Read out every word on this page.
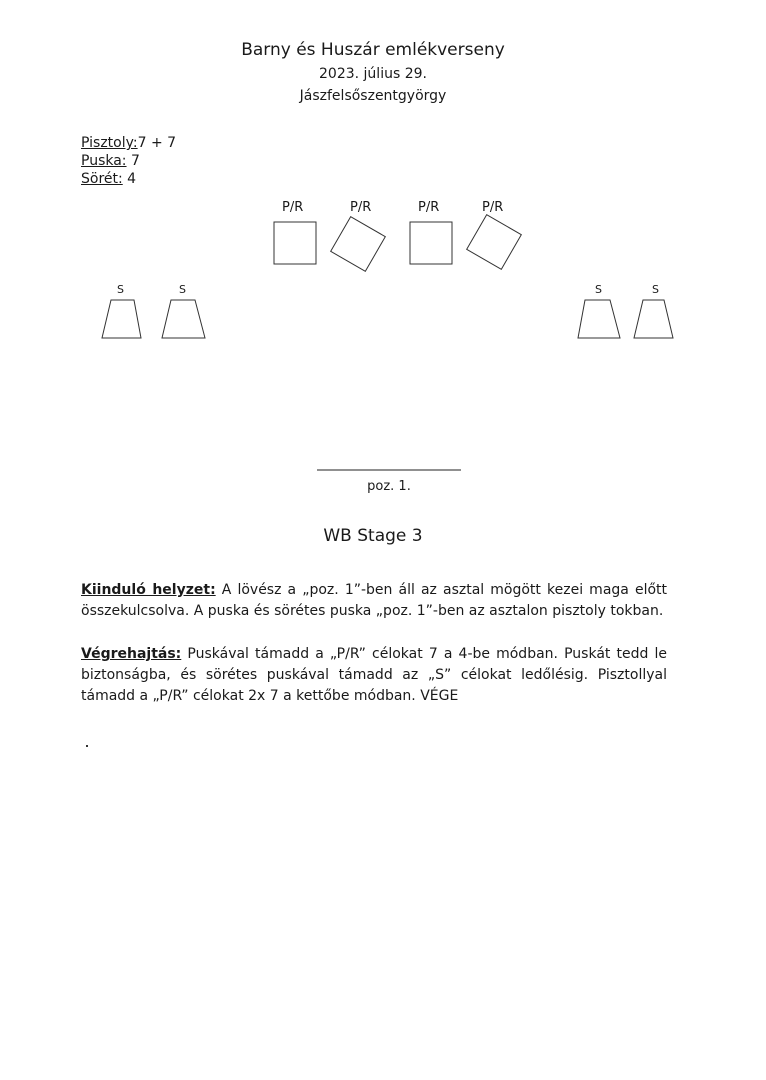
Barny és Huszár emlékverseny
2023. július 29.
Jászfelsőszentgyörgy
Pisztoly:7 + 7
Puska: 7
Sörét: 4
P/R	P/R	P/R	P/R
S	S	S	S
poz. 1.
WB Stage 3

Kiinduló helyzet: A lövész a „poz. 1”-ben áll az asztal mögött kezei maga előtt összekulcsolva. A puska és sörétes puska „poz. 1”-ben az asztalon pisztoly tokban.

Végrehajtás: Puskával támadd a „P/R” célokat 7 a 4-be módban. Puskát tedd le biztonságba, és sörétes puskával támadd az „S” célokat ledőlésig. Pisztollyal támadd a „P/R” célokat 2x 7 a kettőbe módban. VÉGE
